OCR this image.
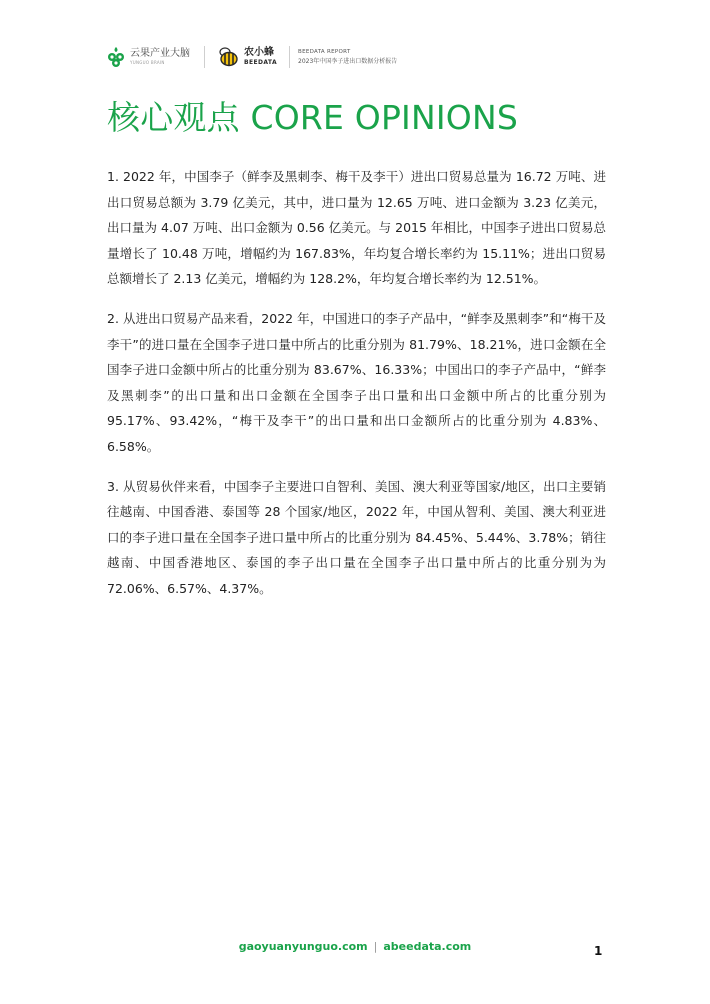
云果产业大脑
YUNGUO BRAIN
农小蜂
BEEDATA
BEEDATA REPORT
2023年中国李子进出口数据分析报告
核心观点 CORE OPINIONS

1. 2022 年，中国李子（鲜李及黑刺李、梅干及李干）进出口贸易总量为 16.72 万吨、进出口贸易总额为 3.79 亿美元，其中，进口量为 12.65 万吨、进口金额为 3.23 亿美元，出口量为 4.07 万吨、出口金额为 0.56 亿美元。与 2015 年相比，中国李子进出口贸易总量增长了 10.48 万吨，增幅约为 167.83%，年均复合增长率约为 15.11%；进出口贸易总额增长了 2.13 亿美元，增幅约为 128.2%，年均复合增长率约为 12.51%。

2. 从进出口贸易产品来看，2022 年，中国进口的李子产品中，“鲜李及黑刺李”和“梅干及李干”的进口量在全国李子进口量中所占的比重分别为 81.79%、18.21%，进口金额在全国李子进口金额中所占的比重分别为 83.67%、16.33%；中国出口的李子产品中，“鲜李及黑刺李”的出口量和出口金额在全国李子出口量和出口金额中所占的比重分别为 95.17%、93.42%，“梅干及李干”的出口量和出口金额所占的比重分别为 4.83%、6.58%。

3. 从贸易伙伴来看，中国李子主要进口自智利、美国、澳大利亚等国家/地区，出口主要销往越南、中国香港、泰国等 28 个国家/地区，2022 年，中国从智利、美国、澳大利亚进口的李子进口量在全国李子进口量中所占的比重分别为 84.45%、5.44%、3.78%；销往越南、中国香港地区、泰国的李子出口量在全国李子出口量中所占的比重分别为为 72.06%、6.57%、4.37%。

gaoyuanyunguo.com | abeedata.com	1
